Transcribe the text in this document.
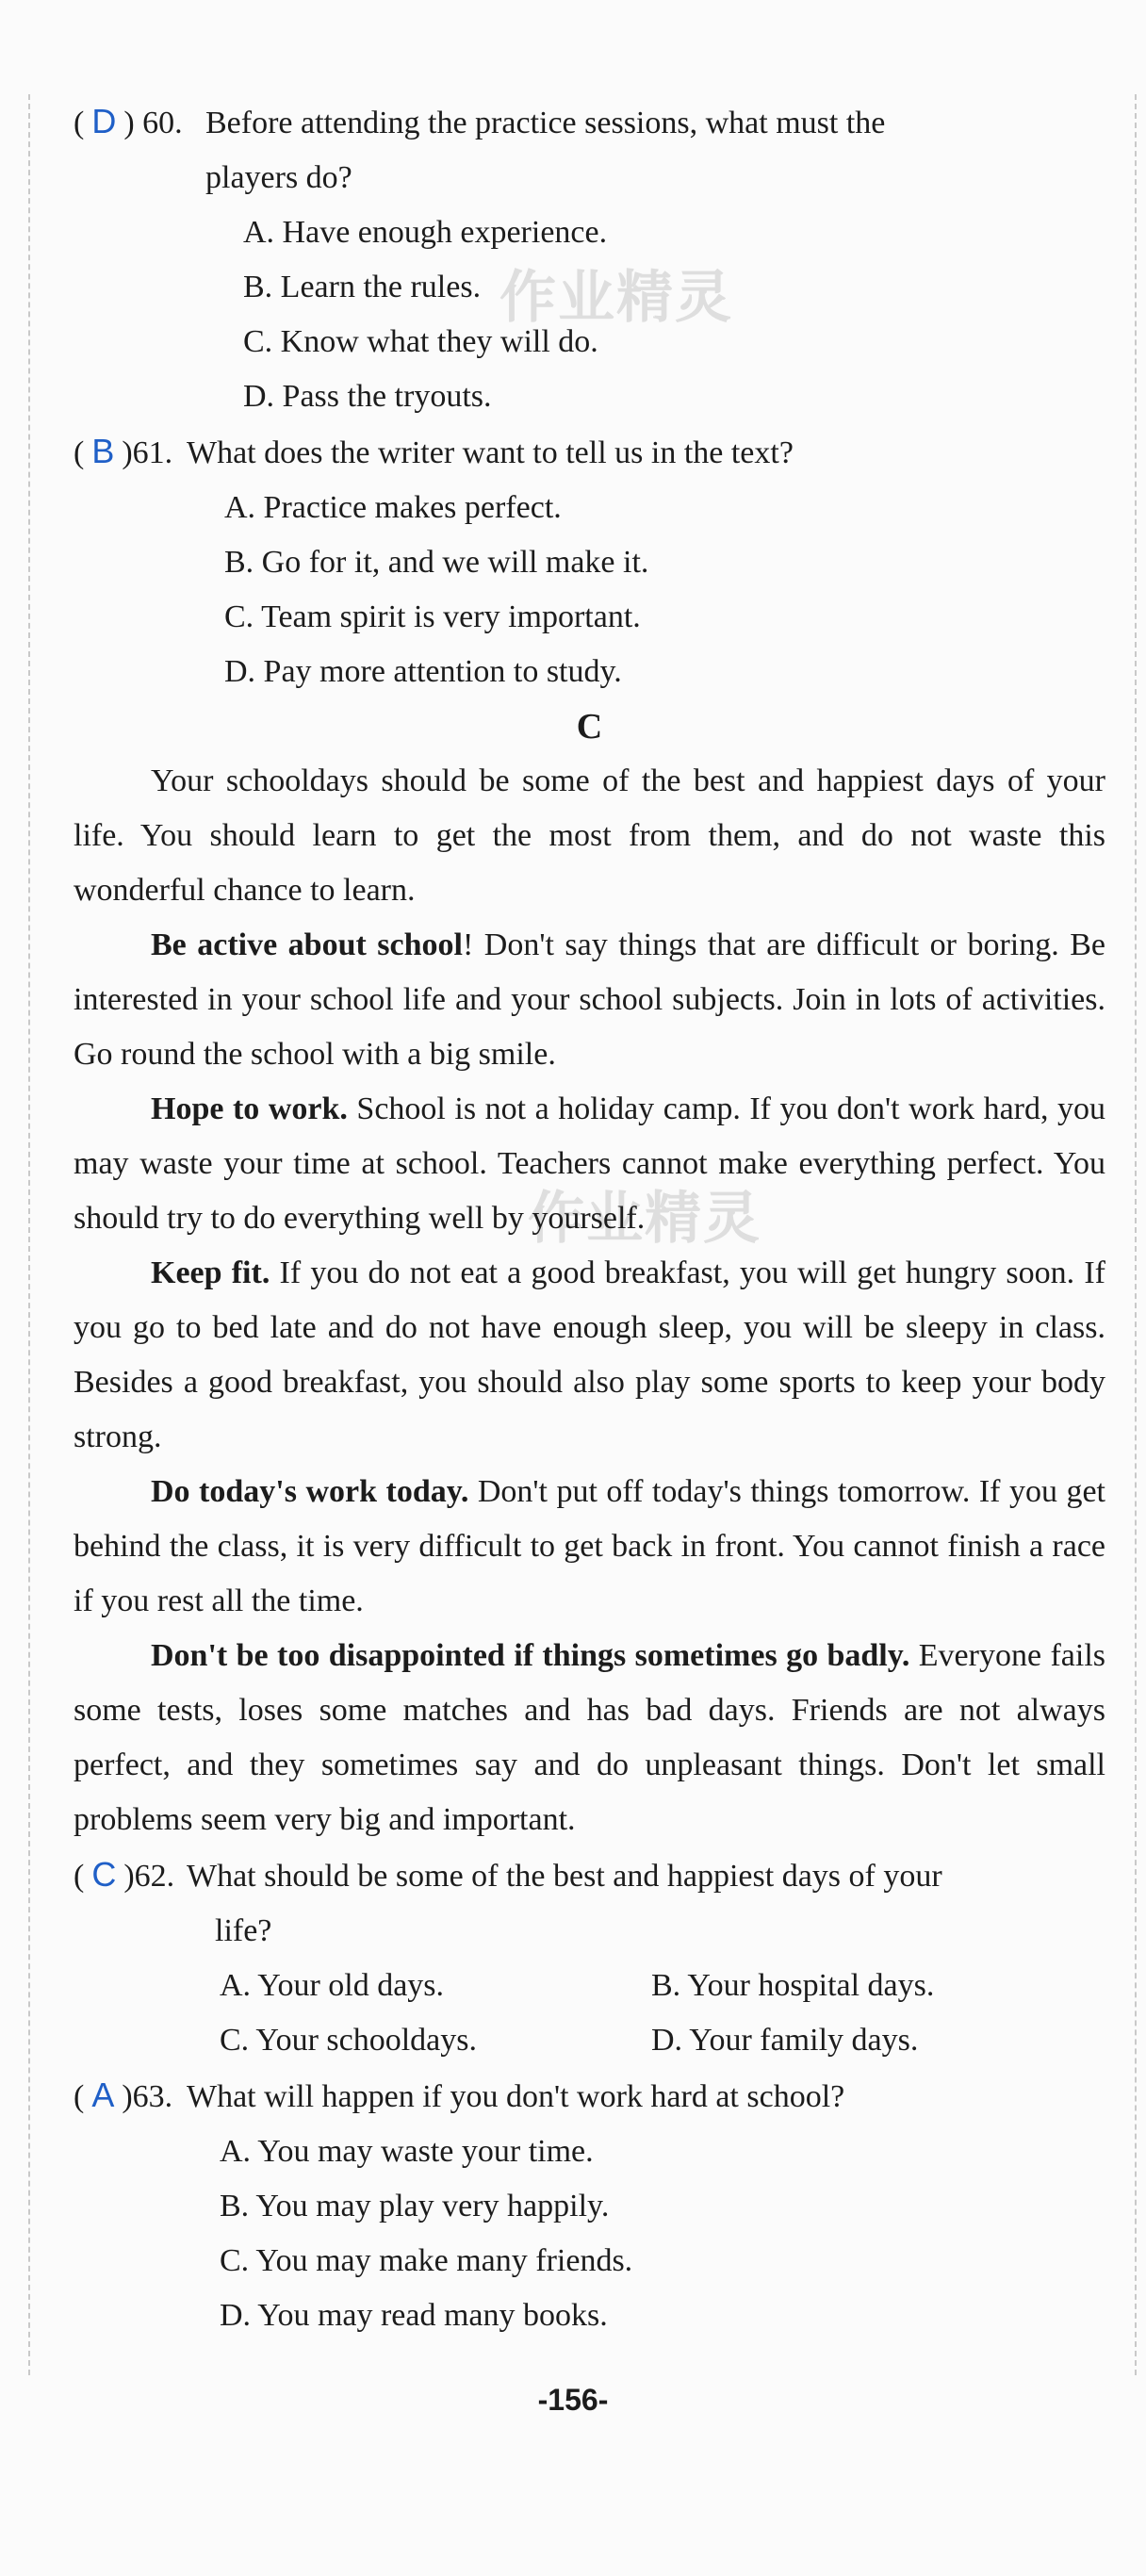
作业精灵
作业精灵
( D ) 60. Before attending the practice sessions, what must the
players do?
A. Have enough experience.
B. Learn the rules.
C. Know what they will do.
D. Pass the tryouts.
( B )61. What does the writer want to tell us in the text?
A. Practice makes perfect.
B. Go for it, and we will make it.
C. Team spirit is very important.
D. Pay more attention to study.
C

Your schooldays should be some of the best and happiest days of your life. You should learn to get the most from them, and do not waste this wonderful chance to learn.

Be active about school! Don't say things that are difficult or boring. Be interested in your school life and your school subjects. Join in lots of activities. Go round the school with a big smile.

Hope to work. School is not a holiday camp. If you don't work hard, you may waste your time at school. Teachers cannot make everything perfect. You should try to do everything well by yourself.

Keep fit. If you do not eat a good breakfast, you will get hungry soon. If you go to bed late and do not have enough sleep, you will be sleepy in class. Besides a good breakfast, you should also play some sports to keep your body strong.

Do today's work today. Don't put off today's things tomorrow. If you get behind the class, it is very difficult to get back in front. You cannot finish a race if you rest all the time.

Don't be too disappointed if things sometimes go badly. Everyone fails some tests, loses some matches and has bad days. Friends are not always perfect, and they sometimes say and do unpleasant things. Don't let small problems seem very big and important.

( C )62. What should be some of the best and happiest days of your
life?
A. Your old days.	B. Your hospital days.
C. Your schooldays.	D. Your family days.
( A )63. What will happen if you don't work hard at school?
A. You may waste your time.
B. You may play very happily.
C. You may make many friends.
D. You may read many books.
-156-
